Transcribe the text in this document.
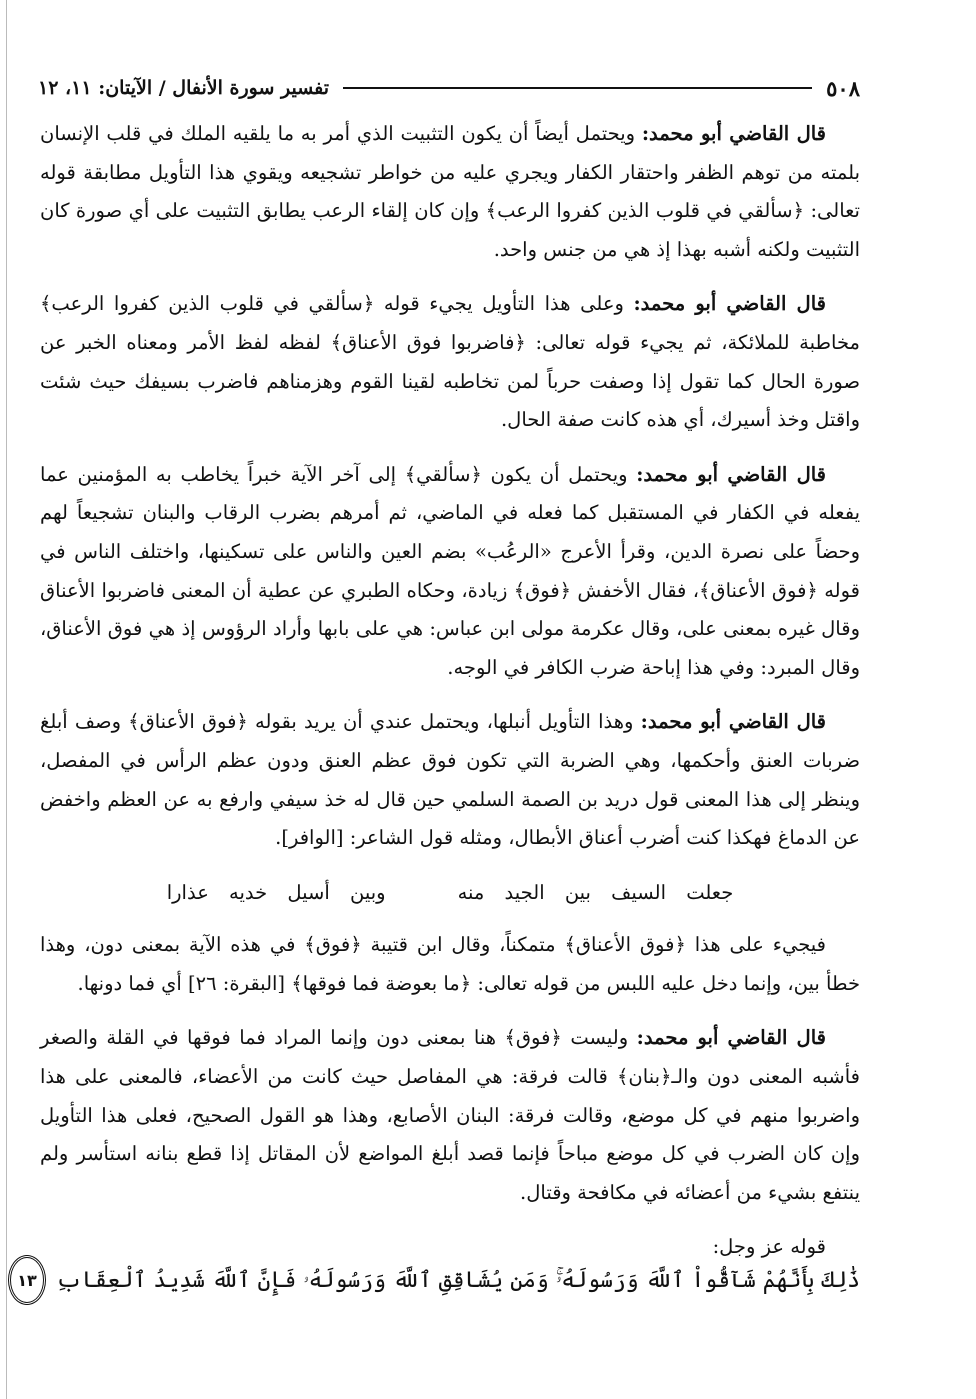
٥٠٨
تفسير سورة الأنفال / الآيتان: ١١، ١٢

قال القاضي أبو محمد: ويحتمل أيضاً أن يكون التثبيت الذي أمر به ما يلقيه الملك في قلب الإنسان بلمته من توهم الظفر واحتقار الكفار ويجري عليه من خواطر تشجيعه ويقوي هذا التأويل مطابقة قوله تعالى: ﴿سألقي في قلوب الذين كفروا الرعب﴾ وإن كان إلقاء الرعب يطابق التثبيت على أي صورة كان التثبيت ولكنه أشبه بهذا إذ هي من جنس واحد.

قال القاضي أبو محمد: وعلى هذا التأويل يجيء قوله ﴿سألقي في قلوب الذين كفروا الرعب﴾ مخاطبة للملائكة، ثم يجيء قوله تعالى: ﴿فاضربوا فوق الأعناق﴾ لفظه لفظ الأمر ومعناه الخبر عن صورة الحال كما تقول إذا وصفت حرباً لمن تخاطبه لقينا القوم وهزمناهم فاضرب بسيفك حيث شئت واقتل وخذ أسيرك، أي هذه كانت صفة الحال.

قال القاضي أبو محمد: ويحتمل أن يكون ﴿سألقي﴾ إلى آخر الآية خبراً يخاطب به المؤمنين عما يفعله في الكفار في المستقبل كما فعله في الماضي، ثم أمرهم بضرب الرقاب والبنان تشجيعاً لهم وحضاً على نصرة الدين، وقرأ الأعرج «الرعُب» بضم العين والناس على تسكينها، واختلف الناس في قوله ﴿فوق الأعناق﴾، فقال الأخفش ﴿فوق﴾ زيادة، وحكاه الطبري عن عطية أن المعنى فاضربوا الأعناق وقال غيره بمعنى على، وقال عكرمة مولى ابن عباس: هي على بابها وأراد الرؤوس إذ هي فوق الأعناق، وقال المبرد: وفي هذا إباحة ضرب الكافر في الوجه.

قال القاضي أبو محمد: وهذا التأويل أنبلها، ويحتمل عندي أن يريد بقوله ﴿فوق الأعناق﴾ وصف أبلغ ضربات العنق وأحكمها، وهي الضربة التي تكون فوق عظم العنق ودون عظم الرأس في المفصل، وينظر إلى هذا المعنى قول دريد بن الصمة السلمي حين قال له خذ سيفي وارفع به عن العظم واخفض عن الدماغ فهكذا كنت أضرب أعناق الأبطال، ومثله قول الشاعر: [الوافر].

جعلت السيف بين الجيد منهوبين أسيل خديه عذارا

فيجيء على هذا ﴿فوق الأعناق﴾ متمكناً، وقال ابن قتيبة ﴿فوق﴾ في هذه الآية بمعنى دون، وهذا خطأ بين، وإنما دخل عليه اللبس من قوله تعالى: ﴿ما بعوضة فما فوقها﴾ [البقرة: ٢٦] أي فما دونها.

قال القاضي أبو محمد: وليست ﴿فوق﴾ هنا بمعنى دون وإنما المراد فما فوقها في القلة والصغر فأشبه المعنى دون والـ﴿بنان﴾ قالت فرقة: هي المفاصل حيث كانت من الأعضاء، فالمعنى على هذا واضربوا منهم في كل موضع، وقالت فرقة: البنان الأصابع، وهذا هو القول الصحيح، فعلى هذا التأويل وإن كان الضرب في كل موضع مباحاً فإنما قصد أبلغ المواضع لأن المقاتل إذا قطع بنانه استأسر ولم ينتفع بشيء من أعضائه في مكافحة وقتال.

قوله عز وجل:

ذَٰلِكَ بِأَنَّهُمْ شَآقُّواْ ٱللَّهَ وَرَسُولَهُۥۚ وَمَن يُشَاقِقِ ٱللَّهَ وَرَسُولَهُۥ فَإِنَّ ٱللَّهَ شَدِيدُ ٱلْعِقَابِ
١٣
